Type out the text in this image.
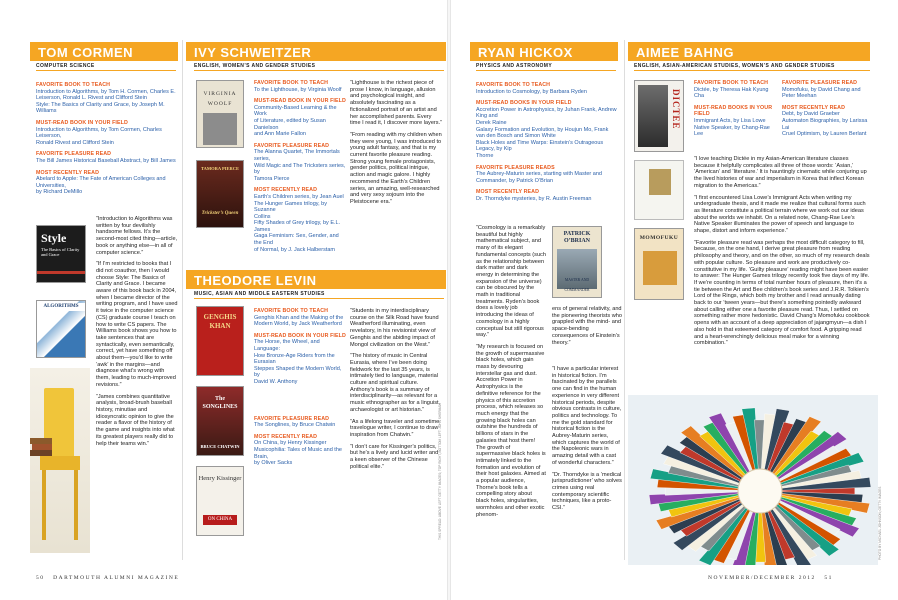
TOM CORMEN
COMPUTER SCIENCE
FAVORITE BOOK TO TEACH
Introduction to Algorithms, by Tom H. Cormen, Charles E.
Leiserson, Ronald L. Rivest and Clifford Stein
Style: The Basics of Clarity and Grace, by Joseph M. Williams
MUST-READ BOOK IN YOUR FIELD
Introduction to Algorithms, by Tom Cormen, Charles Leiserson,
Ronald Rivest and Clifford Stein
FAVORITE PLEASURE READ
The Bill James Historical Baseball Abstract, by Bill James
MOST RECENTLY READ
Abelard to Apple: The Fate of American Colleges and Universities,
by Richard DeMillo
Style
The Basics of Clarity and Grace
ALGORITHMS

“Introduction to Algorithms was written by four devilishly handsome fellows. It’s the second-most cited thing—article, book or anything else—in all of computer science.”

“If I’m restricted to books that I did not coauthor, then I would choose Style: The Basics of Clarity and Grace. I became aware of this book back in 2004, when I became director of the writing program, and I have used it twice in the computer science (CS) graduate course I teach on how to write CS papers. The Williams book shows you how to take sentences that are syntactically, even semantically, correct, yet have something off about them—you’d like to write ‘awk’ in the margins—and diagnose what’s wrong with them, leading to much-improved revisions.”

“James combines quantitative analysis, broad-brush baseball history, minutiae and idiosyncratic opinion to give the reader a flavor of the history of the game and insights into what its greatest players really did to help their teams win.”

IVY SCHWEITZER
ENGLISH, WOMEN’S AND GENDER STUDIES
VIRGINIA
WOOLF
TAMORA PIERCE
Trickster’s Queen
FAVORITE BOOK TO TEACH
To the Lighthouse, by Virginia Woolf
MUST-READ BOOK IN YOUR FIELD
Community-Based Learning & the Work
of Literature, edited by Susan Danielson
and Ann Marie Fallon
FAVORITE PLEASURE READ
The Alanna Quartet, The Immortals series,
Wild Magic and The Tricksters series, by
Tamora Pierce
MOST RECENTLY READ
Earth’s Children series, by Jean Auel
The Hunger Games trilogy, by Suzanne
Collins
Fifty Shades of Grey trilogy, by E.L. James
Gaga Feminism: Sex, Gender, and the End
of Normal, by J. Jack Halberstam

“Lighthouse is the richest piece of prose I know, in language, allusion and psychological insight, and absolutely fascinating as a fictionalized portrait of an artist and her accomplished parents. Every time I read it, I discover more layers.”

“From reading with my children when they were young, I was introduced to young adult fantasy, and that is my current favorite pleasure reading. Strong young female protagonists, gender politics, political intrigue, action and magic galore. I highly recommend the Earth’s Children series, an amazing, well-researched and very sexy sojourn into the Pleistocene era.”

THEODORE LEVIN
MUSIC, ASIAN AND MIDDLE EASTERN STUDIES
GENGHIS KHAN
The SONGLINES
BRUCE CHATWIN
Henry Kissinger
ON CHINA
FAVORITE BOOK TO TEACH
Genghis Khan and the Making of the
Modern World, by Jack Weatherford
MUST-READ BOOK IN YOUR FIELD
The Horse, the Wheel, and Language:
How Bronze-Age Riders from the Eurasian
Steppes Shaped the Modern World, by
David W. Anthony
FAVORITE PLEASURE READ
The Songlines, by Bruce Chatwin
MOST RECENTLY READ
On China, by Henry Kissinger
Musicophilia: Tales of Music and the Brain,
by Oliver Sacks

“Students in my interdisciplinary course on the Silk Road have found Weatherford illuminating, even revelatory, in his revisionist view of Genghis and the abiding impact of Mongol civilization on the West.”

“The history of music in Central Eurasia, where I’ve been doing fieldwork for the last 35 years, is intimately tied to language, material culture and spiritual culture. Anthony’s book is a summary of interdisciplinarity—as relevant for a music ethnographer as for a linguist, archaeologist or art historian.”

“As a lifelong traveler and sometime travelogue writer, I continue to draw inspiration from Chatwin.”

“I don’t care for Kissinger’s politics, but he’s a lively and lucid writer and a keen observer of the Chinese political elite.”	THIS SPREAD: ABOVE LEFT GETTY IMAGES; TOP RIGHT, BOTTOM LEFT: JOHN SHERMAN
50 DARTMOUTH ALUMNI MAGAZINE
RYAN HICKOX
PHYSICS AND ASTRONOMY
FAVORITE BOOK TO TEACH
Introduction to Cosmology, by Barbara Ryden
MUST-READ BOOKS IN YOUR FIELD
Accretion Power in Astrophysics, by Juhan Frank, Andrew King and
Derek Raine
Galaxy Formation and Evolution, by Houjun Mo, Frank
van den Bosch and Simon White
Black Holes and Time Warps: Einstein’s Outrageous Legacy, by Kip
Thorne
FAVORITE PLEASURE READS
The Aubrey-Maturin series, starting with Master and
Commander, by Patrick O’Brian
MOST RECENTLY READ
Dr. Thorndyke mysteries, by R. Austin Freeman

“Cosmology is a remarkably beautiful but highly mathematical subject, and many of its elegant fundamental concepts (such as the relationship between dark matter and dark energy in determining the expansion of the universe) can be obscured by the math in traditional treatments. Ryden’s book does a lovely job introducing the ideas of cosmology in a highly conceptual but still rigorous way.”

“My research is focused on the growth of supermassive black holes, which gain mass by devouring interstellar gas and dust. Accretion Power in Astrophysics is the definitive reference for the physics of this accretion process, which releases so much energy that the growing black holes can outshine the hundreds of billions of stars in the galaxies that host them! The growth of supermassive black holes is intimately linked to the formation and evolution of their host galaxies. Aimed at a popular audience, Thorne’s book tells a compelling story about black holes, singularities, wormholes and other exotic phenom-

PATRICK O’BRIAN
MASTER AND COMMANDER

ens of general relativity, and the pioneering theorists who grappled with the mind- and space-bending consequences of Einstein’s theory.”

“I have a particular interest in historical fiction. I’m fascinated by the parallels one can find in the human experience in very different historical periods, despite obvious contrasts in culture, politics and technology. To me the gold standard for historical fiction is the Aubrey-Maturin series, which captures the world of the Napoleonic wars in amazing detail with a cast of wonderful characters.”

“Dr. Thorndyke is a ‘medical jurisprudictioner’ who solves crimes using real contemporary scientific techniques, like a proto-CSI.”

AIMEE BAHNG
ENGLISH, ASIAN-AMERICAN STUDIES, WOMEN’S AND GENDER STUDIES
DICTEE
MOMOFUKU
FAVORITE BOOK TO TEACH
Dictée, by Theresa Hak Kyung Cha
MUST-READ BOOKS IN YOUR FIELD
Immigrant Acts, by Lisa Lowe
Native Speaker, by Chang-Rae Lee
FAVORITE PLEASURE READ
Momofuku, by David Chang and
Peter Meehan
MOST RECENTLY READ
Debt, by David Graeber
Automaton Biographies, by Larissa
Lai
Cruel Optimism, by Lauren Berlant

“I love teaching Dictée in my Asian-American literature classes because it helpfully complicates all three of those words: ‘Asian,’ ‘American’ and ‘literature.’ It is hauntingly cinematic while conjuring up the lived histories of war and imperialism in Korea that inflect Korean migration to the Americas.”

“I first encountered Lisa Lowe’s Immigrant Acts when writing my undergraduate thesis, and it made me realize that cultural forms such as literature constitute a political terrain where we work out our ideas about the worlds we inhabit. On a related note, Chang-Rae Lee’s Native Speaker illuminates the power of speech and language to shape, distort and inform experience.”

“Favorite pleasure read was perhaps the most difficult category to fill, because, on the one hand, I derive great pleasure from reading philosophy and theory, and on the other, so much of my research deals with popular culture. So pleasure and work are productively co-constitutive in my life. ‘Guilty pleasure’ reading might have been easier to answer: The Hunger Games trilogy recently took five days of my life. If we’re counting in terms of total number hours of pleasure, then it’s a tie between the Art and Bee children’s book series and J.R.R. Tolkien’s Lord of the Rings, which both my brother and I read annually dating back to our ’tween years—but there’s something pointedly awkward about calling either one a favorite pleasure read. Thus, I settled on something rather more hedonistic. David Chang’s Momofuku cookbook opens with an account of a deep appreciation of jajangmyun—a dish I also hold in that esteemed category of comfort food. A gripping read and a heart-wrenchingly delicious meal make for a winning combination.”

PHOTO BY MICHAEL JOHNSON; GETTY IMAGES
NOVEMBER/DECEMBER 2012 51
